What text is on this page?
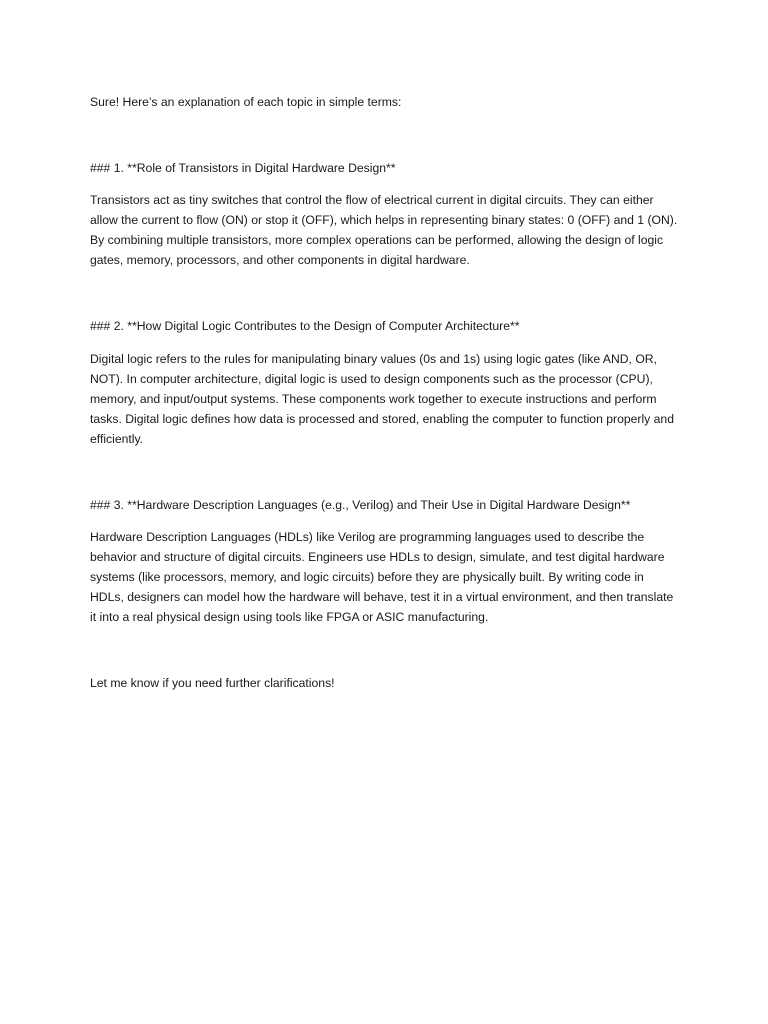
Sure! Here’s an explanation of each topic in simple terms:
### 1. **Role of Transistors in Digital Hardware Design**

Transistors act as tiny switches that control the flow of electrical current in digital circuits. They can either allow the current to flow (ON) or stop it (OFF), which helps in representing binary states: 0 (OFF) and 1 (ON). By combining multiple transistors, more complex operations can be performed, allowing the design of logic gates, memory, processors, and other components in digital hardware.

### 2. **How Digital Logic Contributes to the Design of Computer Architecture**

Digital logic refers to the rules for manipulating binary values (0s and 1s) using logic gates (like AND, OR, NOT). In computer architecture, digital logic is used to design components such as the processor (CPU), memory, and input/output systems. These components work together to execute instructions and perform tasks. Digital logic defines how data is processed and stored, enabling the computer to function properly and efficiently.

### 3. **Hardware Description Languages (e.g., Verilog) and Their Use in Digital Hardware Design**

Hardware Description Languages (HDLs) like Verilog are programming languages used to describe the behavior and structure of digital circuits. Engineers use HDLs to design, simulate, and test digital hardware systems (like processors, memory, and logic circuits) before they are physically built. By writing code in HDLs, designers can model how the hardware will behave, test it in a virtual environment, and then translate it into a real physical design using tools like FPGA or ASIC manufacturing.

Let me know if you need further clarifications!
